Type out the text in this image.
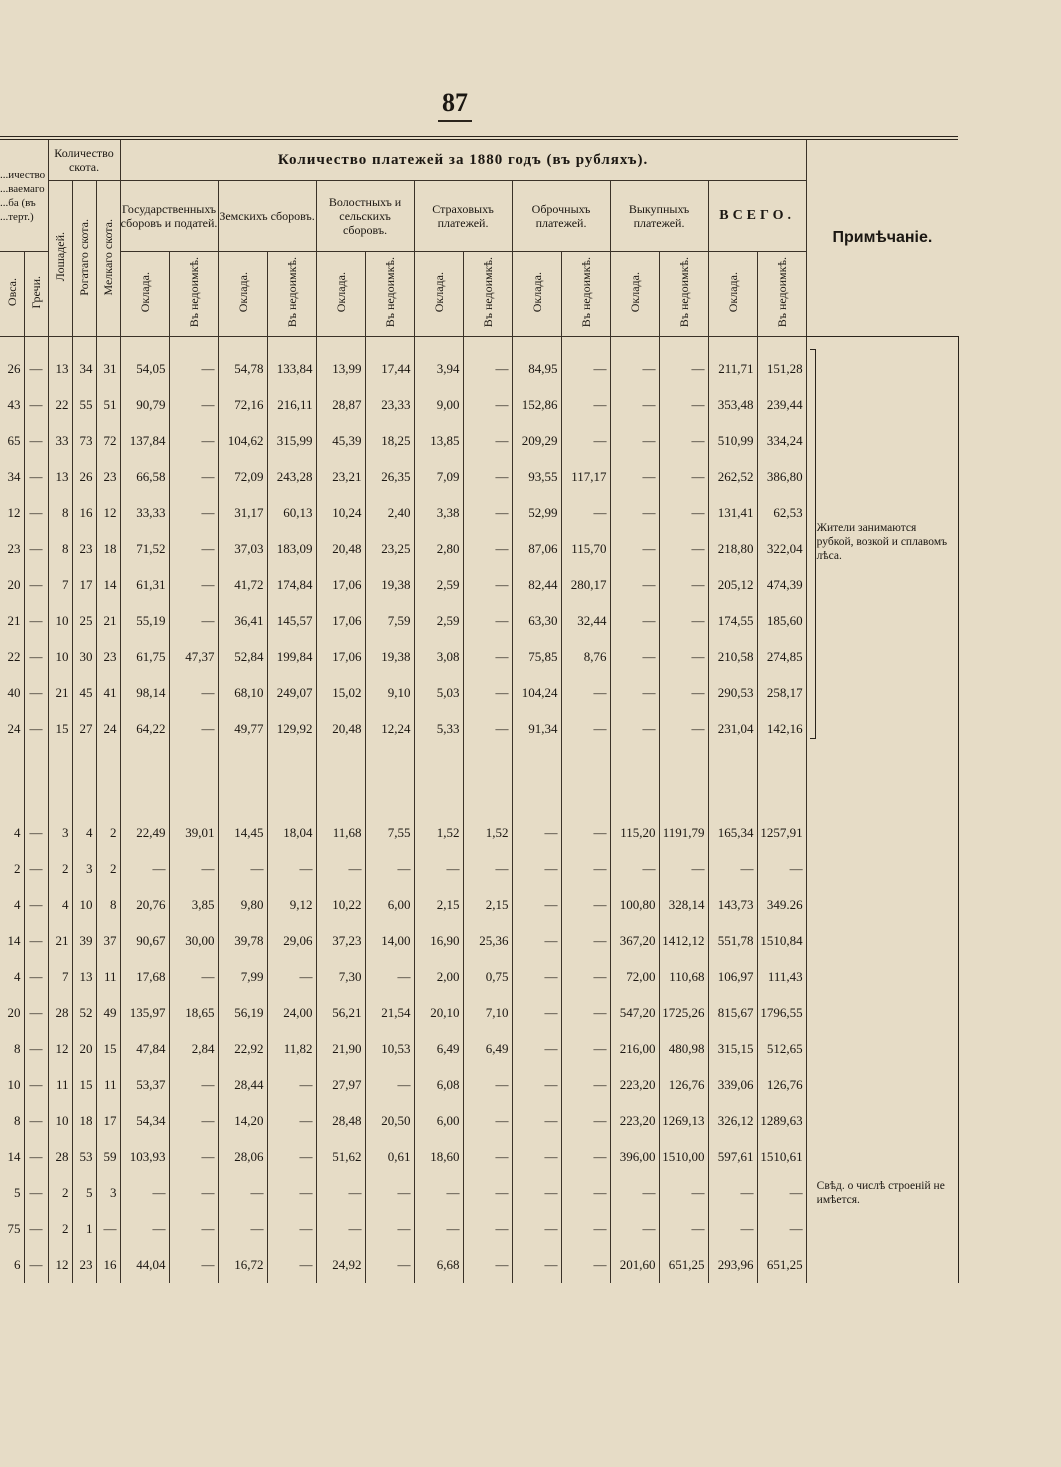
87
...ичество ...ваемаго ...ба (въ ...терт.)		Количество скота.			Количество платежей за 1880 годъ (въ рубляхъ).														Примѣчаніе.
		Лошадей.	Рогатаго скота.	Мелкаго скота.	Государственныхъ сборовъ и податей.		Земскихъ сборовъ.		Волостныхъ и сельскихъ сборовъ.		Страховыхъ платежей.		Оброчныхъ платежей.		Выкупныхъ платежей.		ВСЕГО.		
Овса.	Гречи.				Оклада.	Въ недоимкѣ.	Оклада.	Въ недоимкѣ.	Оклада.	Въ недоимкѣ.	Оклада.	Въ недоимкѣ.	Оклада.	Въ недоимкѣ.	Оклада.	Въ недоимкѣ.	Оклада.	Въ недоимкѣ.	
26	—	13	34	31	54,05	—	54,78	133,84	13,99	17,44	3,94	—	84,95	—	—	—	211,71	151,28	Жители занимаются рубкой, возкой и сплавомъ лѣса.
43	—	22	55	51	90,79	—	72,16	216,11	28,87	23,33	9,00	—	152,86	—	—	—	353,48	239,44	
65	—	33	73	72	137,84	—	104,62	315,99	45,39	18,25	13,85	—	209,29	—	—	—	510,99	334,24	
34	—	13	26	23	66,58	—	72,09	243,28	23,21	26,35	7,09	—	93,55	117,17	—	—	262,52	386,80	
12	—	8	16	12	33,33	—	31,17	60,13	10,24	2,40	3,38	—	52,99	—	—	—	131,41	62,53	
23	—	8	23	18	71,52	—	37,03	183,09	20,48	23,25	2,80	—	87,06	115,70	—	—	218,80	322,04	
20	—	7	17	14	61,31	—	41,72	174,84	17,06	19,38	2,59	—	82,44	280,17	—	—	205,12	474,39	
21	—	10	25	21	55,19	—	36,41	145,57	17,06	7,59	2,59	—	63,30	32,44	—	—	174,55	185,60	
22	—	10	30	23	61,75	47,37	52,84	199,84	17,06	19,38	3,08	—	75,85	8,76	—	—	210,58	274,85	
40	—	21	45	41	98,14	—	68,10	249,07	15,02	9,10	5,03	—	104,24	—	—	—	290,53	258,17	
24	—	15	27	24	64,22	—	49,77	129,92	20,48	12,24	5,33	—	91,34	—	—	—	231,04	142,16	

4	—	3	4	2	22,49	39,01	14,45	18,04	11,68	7,55	1,52	1,52	—	—	115,20	1191,79	165,34	1257,91	
2	—	2	3	2	—	—	—	—	—	—	—	—	—	—	—	—	—	—	
4	—	4	10	8	20,76	3,85	9,80	9,12	10,22	6,00	2,15	2,15	—	—	100,80	328,14	143,73	349.26	
14	—	21	39	37	90,67	30,00	39,78	29,06	37,23	14,00	16,90	25,36	—	—	367,20	1412,12	551,78	1510,84	
4	—	7	13	11	17,68	—	7,99	—	7,30	—	2,00	0,75	—	—	72,00	110,68	106,97	111,43	
20	—	28	52	49	135,97	18,65	56,19	24,00	56,21	21,54	20,10	7,10	—	—	547,20	1725,26	815,67	1796,55	
8	—	12	20	15	47,84	2,84	22,92	11,82	21,90	10,53	6,49	6,49	—	—	216,00	480,98	315,15	512,65	
10	—	11	15	11	53,37	—	28,44	—	27,97	—	6,08	—	—	—	223,20	126,76	339,06	126,76	
8	—	10	18	17	54,34	—	14,20	—	28,48	20,50	6,00	—	—	—	223,20	1269,13	326,12	1289,63	
14	—	28	53	59	103,93	—	28,06	—	51,62	0,61	18,60	—	—	—	396,00	1510,00	597,61	1510,61	
5	—	2	5	3	—	—	—	—	—	—	—	—	—	—	—	—	—	—	Свѣд. о числѣ строеній не имѣется.
75	—	2	1	—	—	—	—	—	—	—	—	—	—	—	—	—	—	—	
6	—	12	23	16	44,04	—	16,72	—	24,92	—	6,68	—	—	—	201,60	651,25	293,96	651,25	
